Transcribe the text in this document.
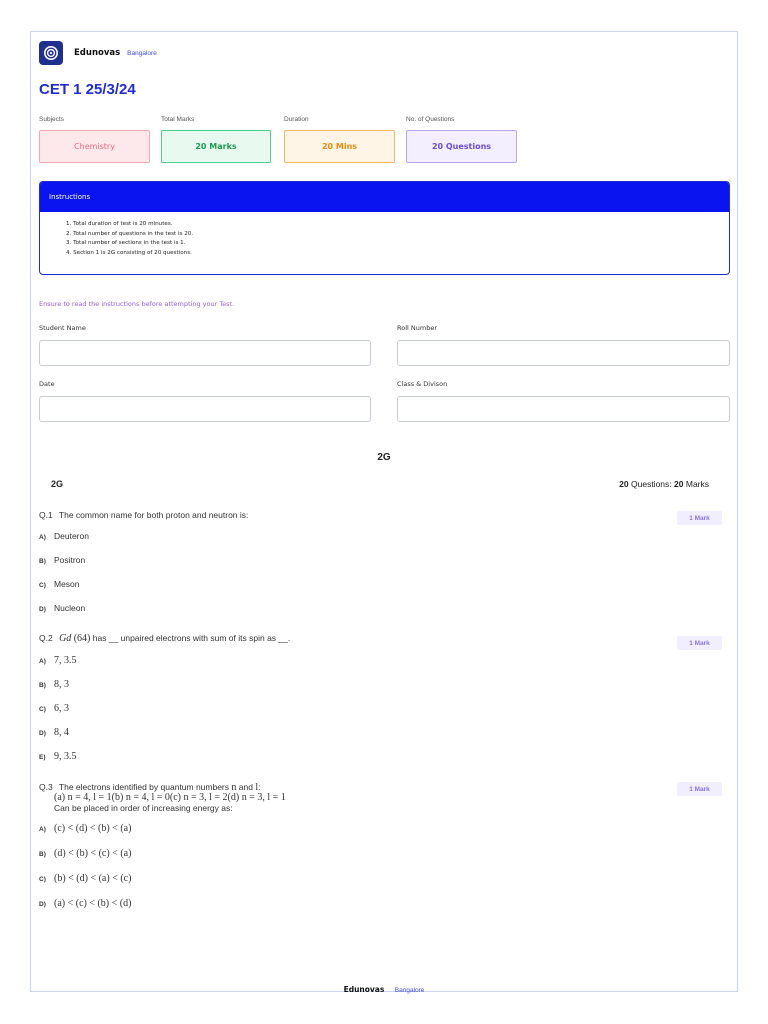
Edunovas Bangalore
CET 1 25/3/24
Subjects	Total Marks	Duration	No. of Questions
Chemistry	20 Marks	20 Mins	20 Questions
Instructions
1. Total duration of test is 20 minutes.
2. Total number of questions in the test is 20.
3. Total number of sections in the test is 1.
4. Section 1 is 2G consisting of 20 questions.
Ensure to read the instructions before attempting your Test.
Student Name	Roll Number
Date	Class & Divison
2G
2G	20 Questions: 20 Marks
Q.1 The common name for both proton and neutron is:	1 Mark
A) Deuteron
B) Positron
C) Meson
D) Nucleon
Q.2 Gd (64) has __ unpaired electrons with sum of its spin as __.	1 Mark
A) 7, 3.5
B) 8, 3
C) 6, 3
D) 8, 4
E) 9, 3.5
Q.3 The electrons identified by quantum numbers n and l:
(a) n = 4, l = 1(b) n = 4, l = 0(c) n = 3, l = 2(d) n = 3, l = 1
Can be placed in order of increasing energy as:
1 Mark
A) (c) < (d) < (b) < (a)
B) (d) < (b) < (c) < (a)
C) (b) < (d) < (a) < (c)
D) (a) < (c) < (b) < (d)
Edunovas Bangalore
